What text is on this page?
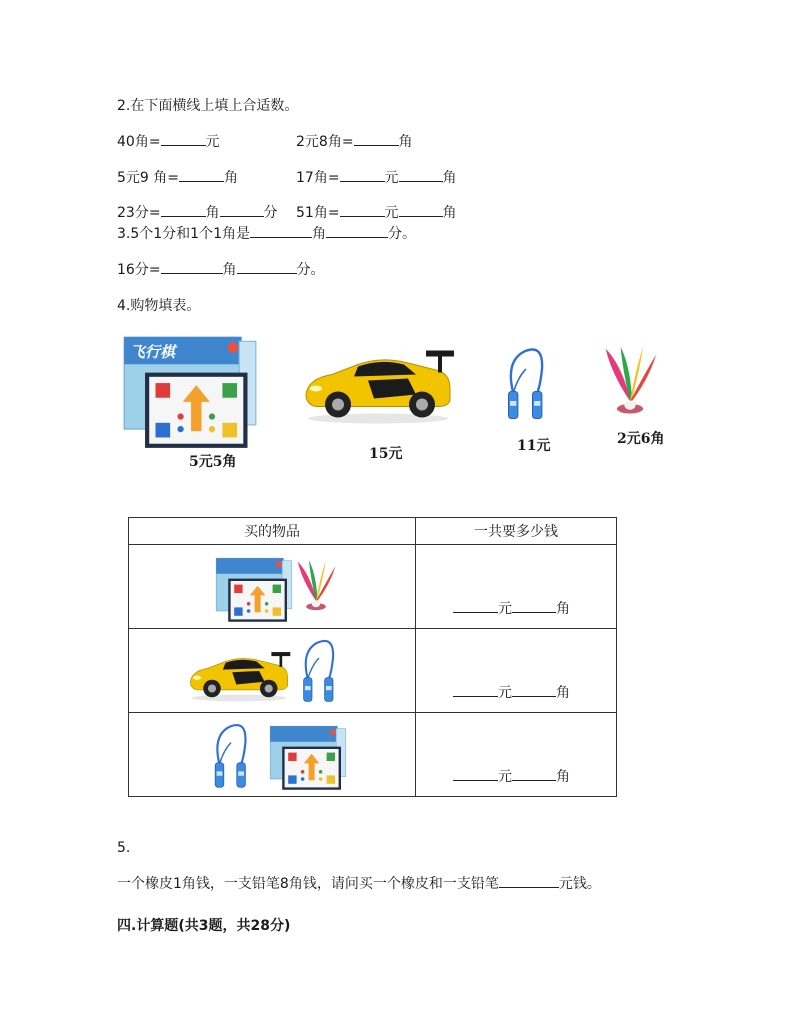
2.在下面横线上填上合适数。
40角=	元	2元8角=	角
5元9 角=	角	17角=	元	角
23分=	角	分 51角=	元	角
3.5个1分和1个1角是	角	分。
16分=	角	分。
4.购物填表。
飞行棋
5元5角	15元	11元	2元6角
买的物品	一共要多少钱

元 角

元 角

元 角
5.
一个橡皮1角钱，一支铅笔8角钱，请问买一个橡皮和一支铅笔	元钱。
四.计算题(共3题，共28分)
